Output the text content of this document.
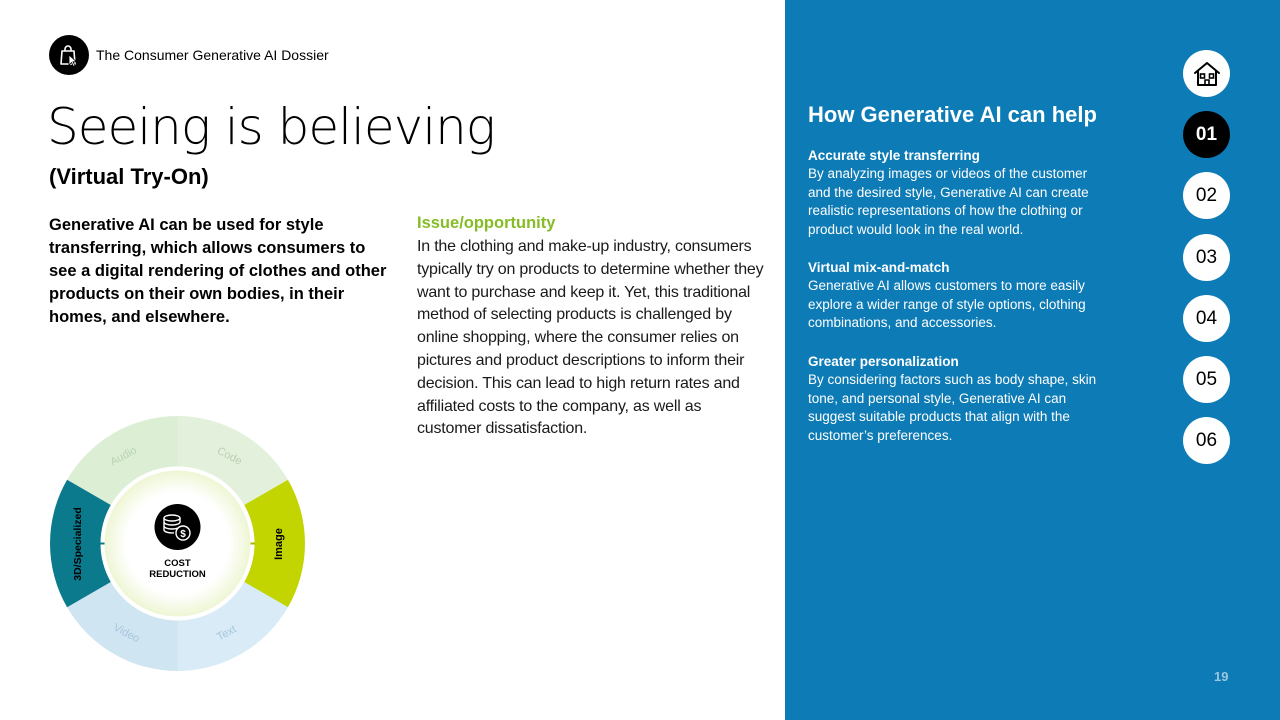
The Consumer Generative AI Dossier
Seeing is believing
(Virtual Try-On)

Generative AI can be used for style transferring, which allows consumers to see a digital rendering of clothes and other products on their own bodies, in their homes, and elsewhere.

Issue/opportunity

In the clothing and make-up industry, consumers typically try on products to determine whether they want to purchase and keep it. Yet, this traditional method of selecting products is challenged by online shopping, where the consumer relies on pictures and product descriptions to inform their decision. This can lead to high return rates and affiliated costs to the company, as well as customer dissatisfaction.

Audio	Code
Image
Text
Video
3D/Specialized	$
COST
REDUCTION
How Generative AI can help

Accurate style transferring

By analyzing images or videos of the customer and the desired style, Generative AI can create realistic representations of how the clothing or product would look in the real world.

Virtual mix-and-match

Generative AI allows customers to more easily explore a wider range of style options, clothing combinations, and accessories.

Greater personalization

By considering factors such as body shape, skin tone, and personal style, Generative AI can suggest suitable products that align with the customer’s preferences.

01
02
03
04
05
06
19
